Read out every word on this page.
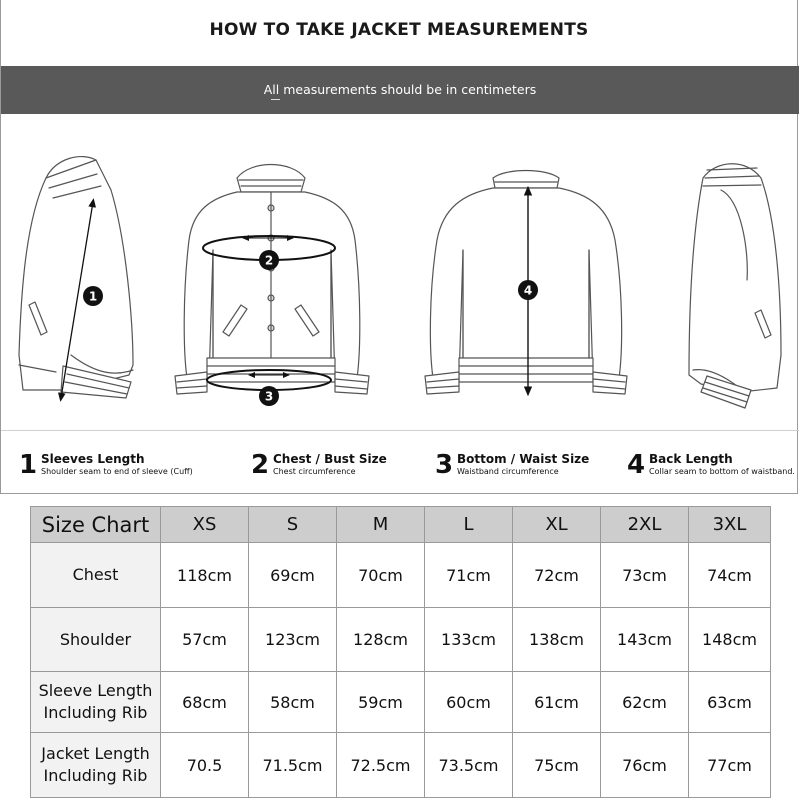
HOW TO TAKE JACKET MEASUREMENTS
All measurements should be in centimeters
1
2
3
4
1 Sleeves Length
Shoulder seam to end of sleeve (Cuff) 2 Chest / Bust Size
Chest circumference	3 Bottom / Waist Size
Waistband circumference	4 Back Length
Collar seam to bottom of waistband.
Size Chart	XS	S	M	L	XL	2XL	3XL
Chest	118cm	69cm	70cm	71cm	72cm	73cm	74cm
Shoulder	57cm	123cm	128cm	133cm	138cm	143cm	148cm
Sleeve Length Including Rib	68cm	58cm	59cm	60cm	61cm	62cm	63cm
Jacket Length Including Rib	70.5	71.5cm	72.5cm	73.5cm	75cm	76cm	77cm
